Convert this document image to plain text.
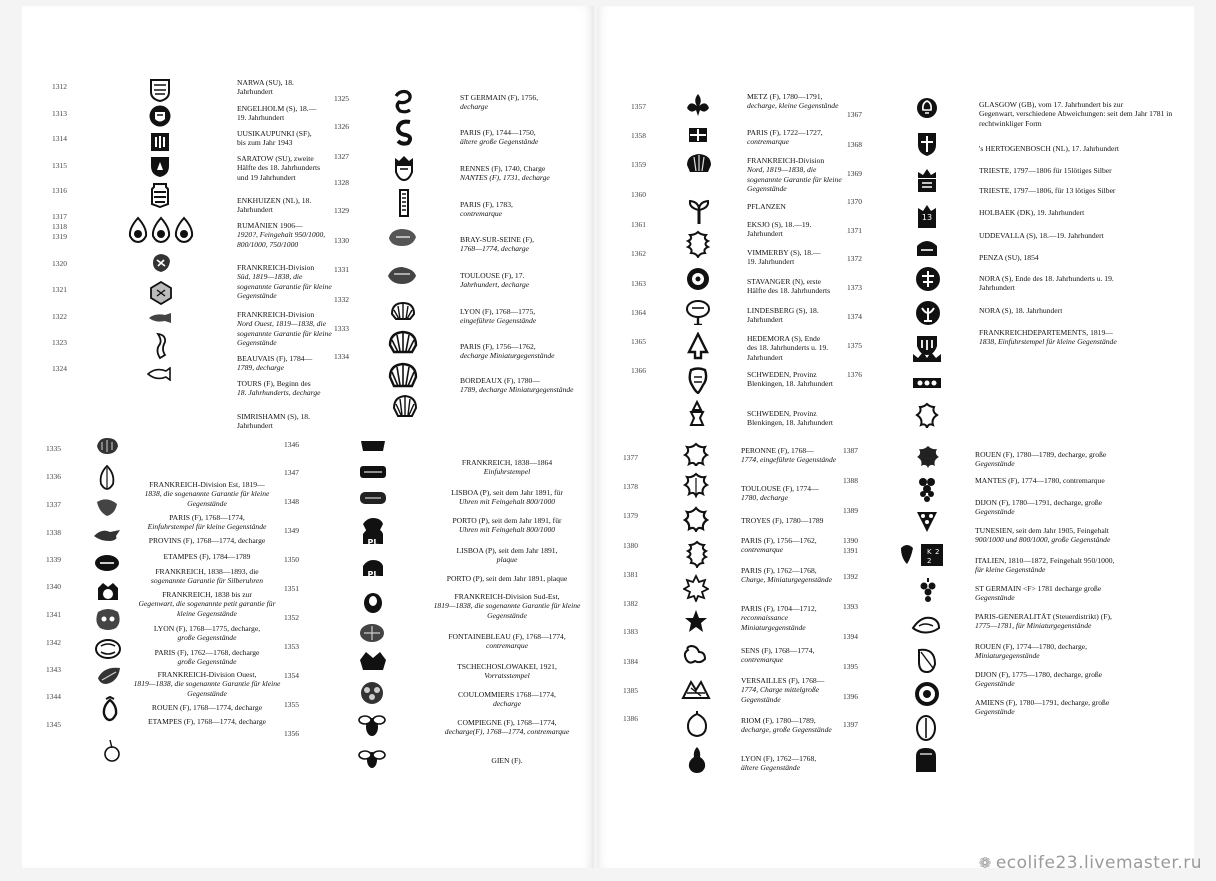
1312
1313
1314
1315
1316
1317
1318
1319
1320
1321
1322
1323
1324
NARWA (SU), 18.
Jahrhundert
ENGELHOLM (S), 18.—
19. Jahrhundert
UUSIKAUPUNKI (SF),
bis zum Jahr 1943
SARATOW (SU), zweite
Hälfte des 18. Jahrhunderts und 19 Jahrhundert
ENKHUIZEN (NL), 18.
Jahrhundert
RUMÄNIEN 1906—
1920?, Feingehalt 950/1000, 800/1000, 750/1000
FRANKREICH-Division
Süd, 1819—1838, die sogenannte Garantie für kleine Gegenstände
FRANKREICH-Division
Nord Ouest, 1819—1838, die sogenannte Garantie für kleine Gegenstände
BEAUVAIS (F), 1784—
1789, decharge
TOURS (F), Beginn des
18. Jahrhunderts, decharge
SIMRISHAMN (S), 18.
Jahrhundert
1325
1326
1327
1328
1329
1330
1331
1332
1333
1334
ST GERMAIN (F), 1756,
decharge
PARIS (F), 1744—1750,
ältere große Gegenstände
RENNES (F), 1740, Charge
NANTES (F), 1731, decharge
PARIS (F), 1783,
contremarque
BRAY-SUR-SEINE (F),
1768—1774, decharge
TOULOUSE (F), 17.
Jahrhundert, decharge
LYON (F), 1768—1775,
eingeführte Gegenstände
PARIS (F), 1756—1762,
decharge Miniaturgegenstände
BORDEAUX (F), 1780—
1789, decharge Miniaturgegenstände
1335
1336
1337
1338
1339
1340
1341
1342
1343
1344
1345
FRANKREICH-Division Est, 1819—
1838, die sogenannte Garantie für kleine Gegenstände
PARIS (F), 1768—1774,
Einfuhrstempel für kleine Gegenstände
PROVINS (F), 1768—1774, decharge
ETAMPES (F), 1784—1789
FRANKREICH, 1838—1893, die
sogenannte Garantie für Silberuhren
FRANKREICH, 1838 bis zur
Gegenwart, die sogenannte petit garantie für kleine Gegenstände
LYON (F), 1768—1775, decharge,
große Gegenstände
PARIS (F), 1762—1768, decharge
große Gegenstände
FRANKREICH-Division Ouest,
1819—1838, die sogenannte Garantie für kleine Gegenstände
ROUEN (F), 1768—1774, decharge
ETAMPES (F), 1768—1774, decharge
1346
1347
1348
1349
1350
1351
1352
1353
1354
1355
1356
PL
PL
FRANKREICH, 1838—1864
Einfuhrstempel
LISBOA (P), seit dem Jahr 1891, für
Uhren mit Feingehalt 800/1000
PORTO (P), seit dem Jahr 1891, für
Uhren mit Feingehalt 800/1000
LISBOA (P), seit dem Jahr 1891,
plaque
PORTO (P), seit dem Jahr 1891, plaque
FRANKREICH-Division Sud-Est,
1819—1838, die sogenannte Garantie für kleine Gegenstände
FONTAINEBLEAU (F), 1768—1774,
contremarque
TSCHECHOSLOWAKEI, 1921,
Vorratsstempel
COULOMMIERS 1768—1774,
decharge
COMPIEGNE (F), 1768—1774,
decharge(F), 1768—1774, contremarque
GIEN (F).
1357
1358
1359
1360
1361
1362
1363
1364
1365
1366
METZ (F), 1780—1791,
decharge, kleine Gegenstände
PARIS (F), 1722—1727,
contremarque
FRANKREICH-Division
Nord, 1819—1838, die sogenannte Garantie für kleine Gegenstände
PFLANZEN
EKSJO (S), 18.—19.
Jahrhundert
VIMMERBY (S), 18.—
19. Jahrhundert
STAVANGER (N), erste
Hälfte des 18. Jahrhunderts
LINDESBERG (S), 18.
Jahrhundert
HEDEMORA (S), Ende
des 18. Jahrhunderts u. 19. Jahrhundert
SCHWEDEN, Provinz
Blenkingen, 18. Jahrhundert
SCHWEDEN, Provinz
Blenkingen, 18. Jahrhundert
1367
1368
1369
1370
1371
1372
1373
1374
1375
1376
13
GLASGOW (GB), vom 17. Jahrhundert bis zur
Gegenwart, verschiedene Abweichungen: seit dem Jahr 1781 in rechtwinkliger Form
's HERTOGENBOSCH (NL), 17. Jahrhundert
TRIESTE, 1797—1806 für 15lötiges Silber
TRIESTE, 1797—1806, für 13 lötiges Silber
HOLBAEK (DK), 19. Jahrhundert
UDDEVALLA (S), 18.—19. Jahrhundert
PENZA (SU), 1854
NORA (S), Ende des 18. Jahrhunderts u. 19.
Jahrhundert
NORA (S), 18. Jahrhundert
FRANKREICHDEPARTEMENTS, 1819—
1838, Einfuhrstempel für kleine Gegenstände
1377
1378
1379
1380
1381
1382
1383
1384
1385
1386
PERONNE (F), 1768—
1774, eingeführte Gegenstände
TOULOUSE (F), 1774—
1780, decharge
TROYES (F), 1780—1789
PARIS (F), 1756—1762,
contremarque
PARIS (F), 1762—1768,
Charge, Miniaturgegenstände
PARIS (F), 1704—1712,
reconnaissance Miniaturgegenstände
SENS (F), 1768—1774,
contremarque
VERSAILLES (F), 1768—
1774, Charge mittelgroße Gegenstände
RIOM (F), 1780—1789,
decharge, große Gegenstände
LYON (F), 1762—1768,
ältere Gegenstände
1387
1388
1389
1390
1391
1392
1393
1394
1395
1396
1397
K 2
2
ROUEN (F), 1780—1789, decharge, große
Gegenstände
MANTES (F), 1774—1780, contremarque
DIJON (F), 1780—1791, decharge, große
Gegenstände
TUNESIEN, seit dem Jahr 1905, Feingehalt
900/1000 und 800/1000, große Gegenstände
ITALIEN, 1810—1872, Feingehalt 950/1000,
für kleine Gegenstände
ST GERMAIN <F> 1781 decharge große
Gegenstände
PARIS-GENERALITÄT (Steuerdistrikt) (F),
1775—1781, für Miniaturgegenstände
ROUEN (F), 1774—1780, decharge,
Miniaturgegenstände
DIJON (F), 1775—1780, decharge, große
Gegenstände
AMIENS (F), 1780—1791, decharge, große
Gegenstände
❁ ecolife23.livemaster.ru
